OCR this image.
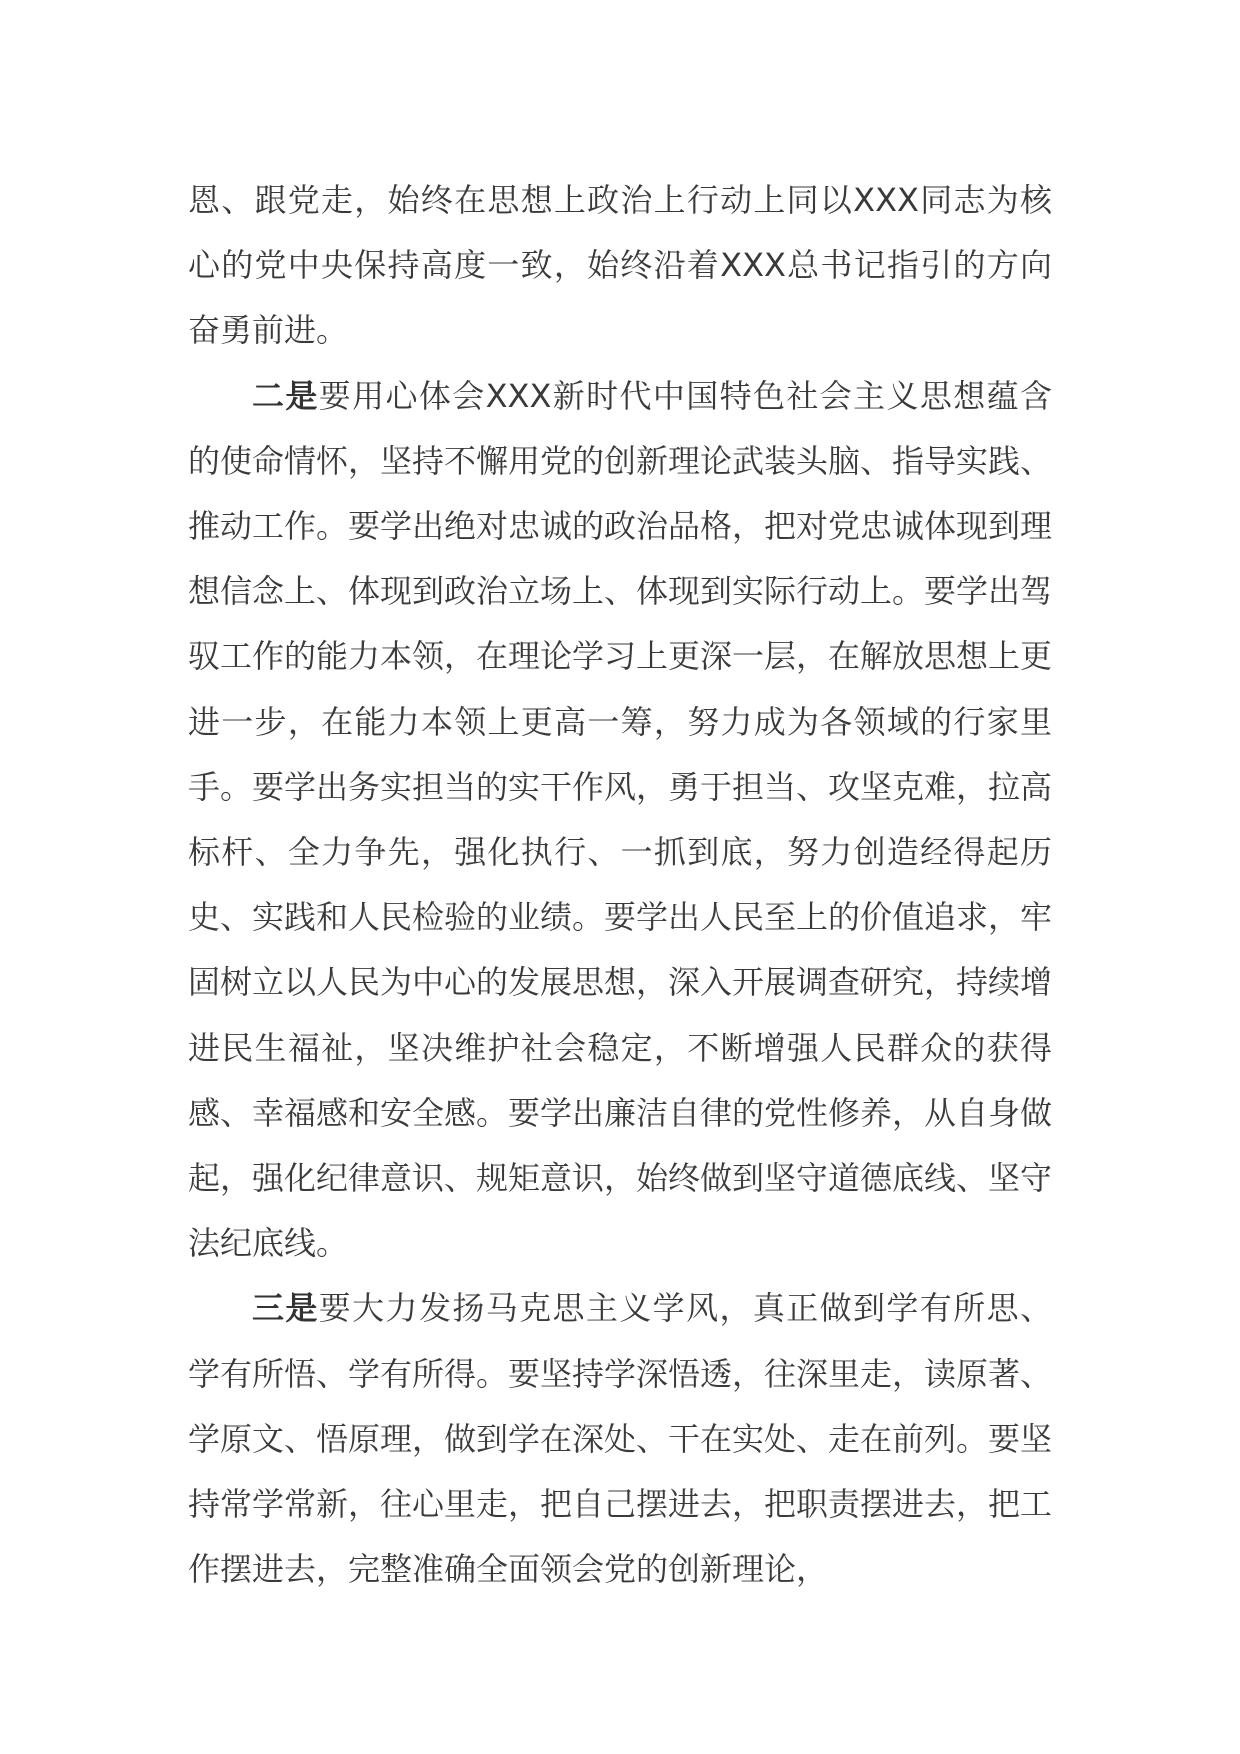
恩、跟党走，始终在思想上政治上行动上同以XXX同志为核心的党中央保持高度一致，始终沿着XXX总书记指引的方向奋勇前进。

二是要用心体会XXX新时代中国特色社会主义思想蕴含的使命情怀，坚持不懈用党的创新理论武装头脑、指导实践、推动工作。要学出绝对忠诚的政治品格，把对党忠诚体现到理想信念上、体现到政治立场上、体现到实际行动上。要学出驾驭工作的能力本领，在理论学习上更深一层，在解放思想上更进一步，在能力本领上更高一筹，努力成为各领域的行家里手。要学出务实担当的实干作风，勇于担当、攻坚克难，拉高标杆、全力争先，强化执行、一抓到底，努力创造经得起历史、实践和人民检验的业绩。要学出人民至上的价值追求，牢固树立以人民为中心的发展思想，深入开展调查研究，持续增进民生福祉，坚决维护社会稳定，不断增强人民群众的获得感、幸福感和安全感。要学出廉洁自律的党性修养，从自身做起，强化纪律意识、规矩意识，始终做到坚守道德底线、坚守法纪底线。

三是要大力发扬马克思主义学风，真正做到学有所思、学有所悟、学有所得。要坚持学深悟透，往深里走，读原著、学原文、悟原理，做到学在深处、干在实处、走在前列。要坚持常学常新，往心里走，把自己摆进去，把职责摆进去，把工作摆进去，完整准确全面领会党的创新理论，
